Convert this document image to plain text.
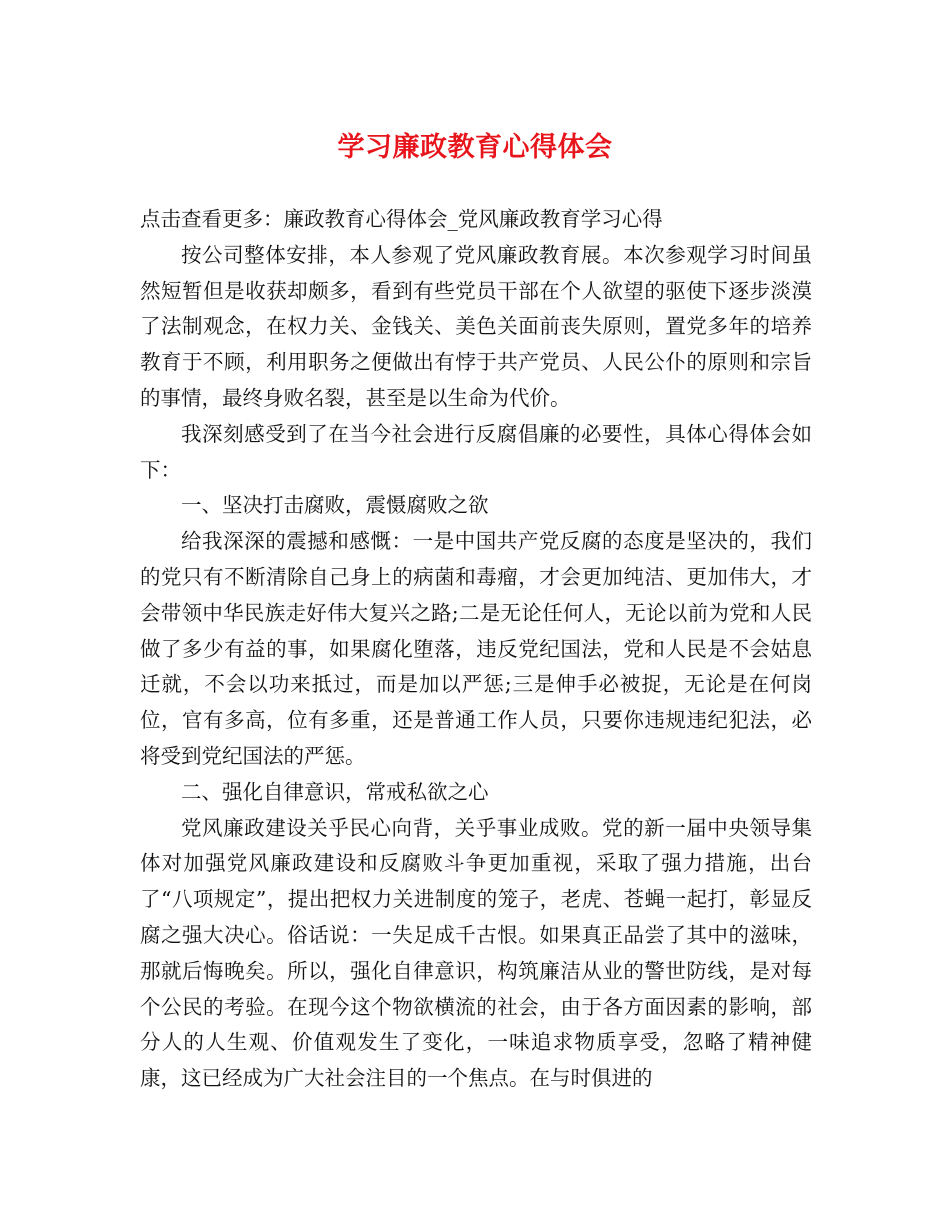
学习廉政教育心得体会

点击查看更多：廉政教育心得体会_党风廉政教育学习心得

按公司整体安排，本人参观了党风廉政教育展。本次参观学习时间虽然短暂但是收获却颇多，看到有些党员干部在个人欲望的驱使下逐步淡漠了法制观念，在权力关、金钱关、美色关面前丧失原则，置党多年的培养教育于不顾，利用职务之便做出有悖于共产党员、人民公仆的原则和宗旨的事情，最终身败名裂，甚至是以生命为代价。

我深刻感受到了在当今社会进行反腐倡廉的必要性，具体心得体会如下：

一、坚决打击腐败，震慑腐败之欲

给我深深的震撼和感慨：一是中国共产党反腐的态度是坚决的，我们的党只有不断清除自己身上的病菌和毒瘤，才会更加纯洁、更加伟大，才会带领中华民族走好伟大复兴之路;二是无论任何人，无论以前为党和人民做了多少有益的事，如果腐化堕落，违反党纪国法，党和人民是不会姑息迁就，不会以功来抵过，而是加以严惩;三是伸手必被捉，无论是在何岗位，官有多高，位有多重，还是普通工作人员，只要你违规违纪犯法，必将受到党纪国法的严惩。

二、强化自律意识，常戒私欲之心

党风廉政建设关乎民心向背，关乎事业成败。党的新一届中央领导集体对加强党风廉政建设和反腐败斗争更加重视，采取了强力措施，出台了“八项规定”，提出把权力关进制度的笼子，老虎、苍蝇一起打，彰显反腐之强大决心。俗话说：一失足成千古恨。如果真正品尝了其中的滋味，那就后悔晚矣。所以，强化自律意识，构筑廉洁从业的警世防线，是对每个公民的考验。在现今这个物欲横流的社会，由于各方面因素的影响，部分人的人生观、价值观发生了变化，一味追求物质享受，忽略了精神健康，这已经成为广大社会注目的一个焦点。在与时俱进的
